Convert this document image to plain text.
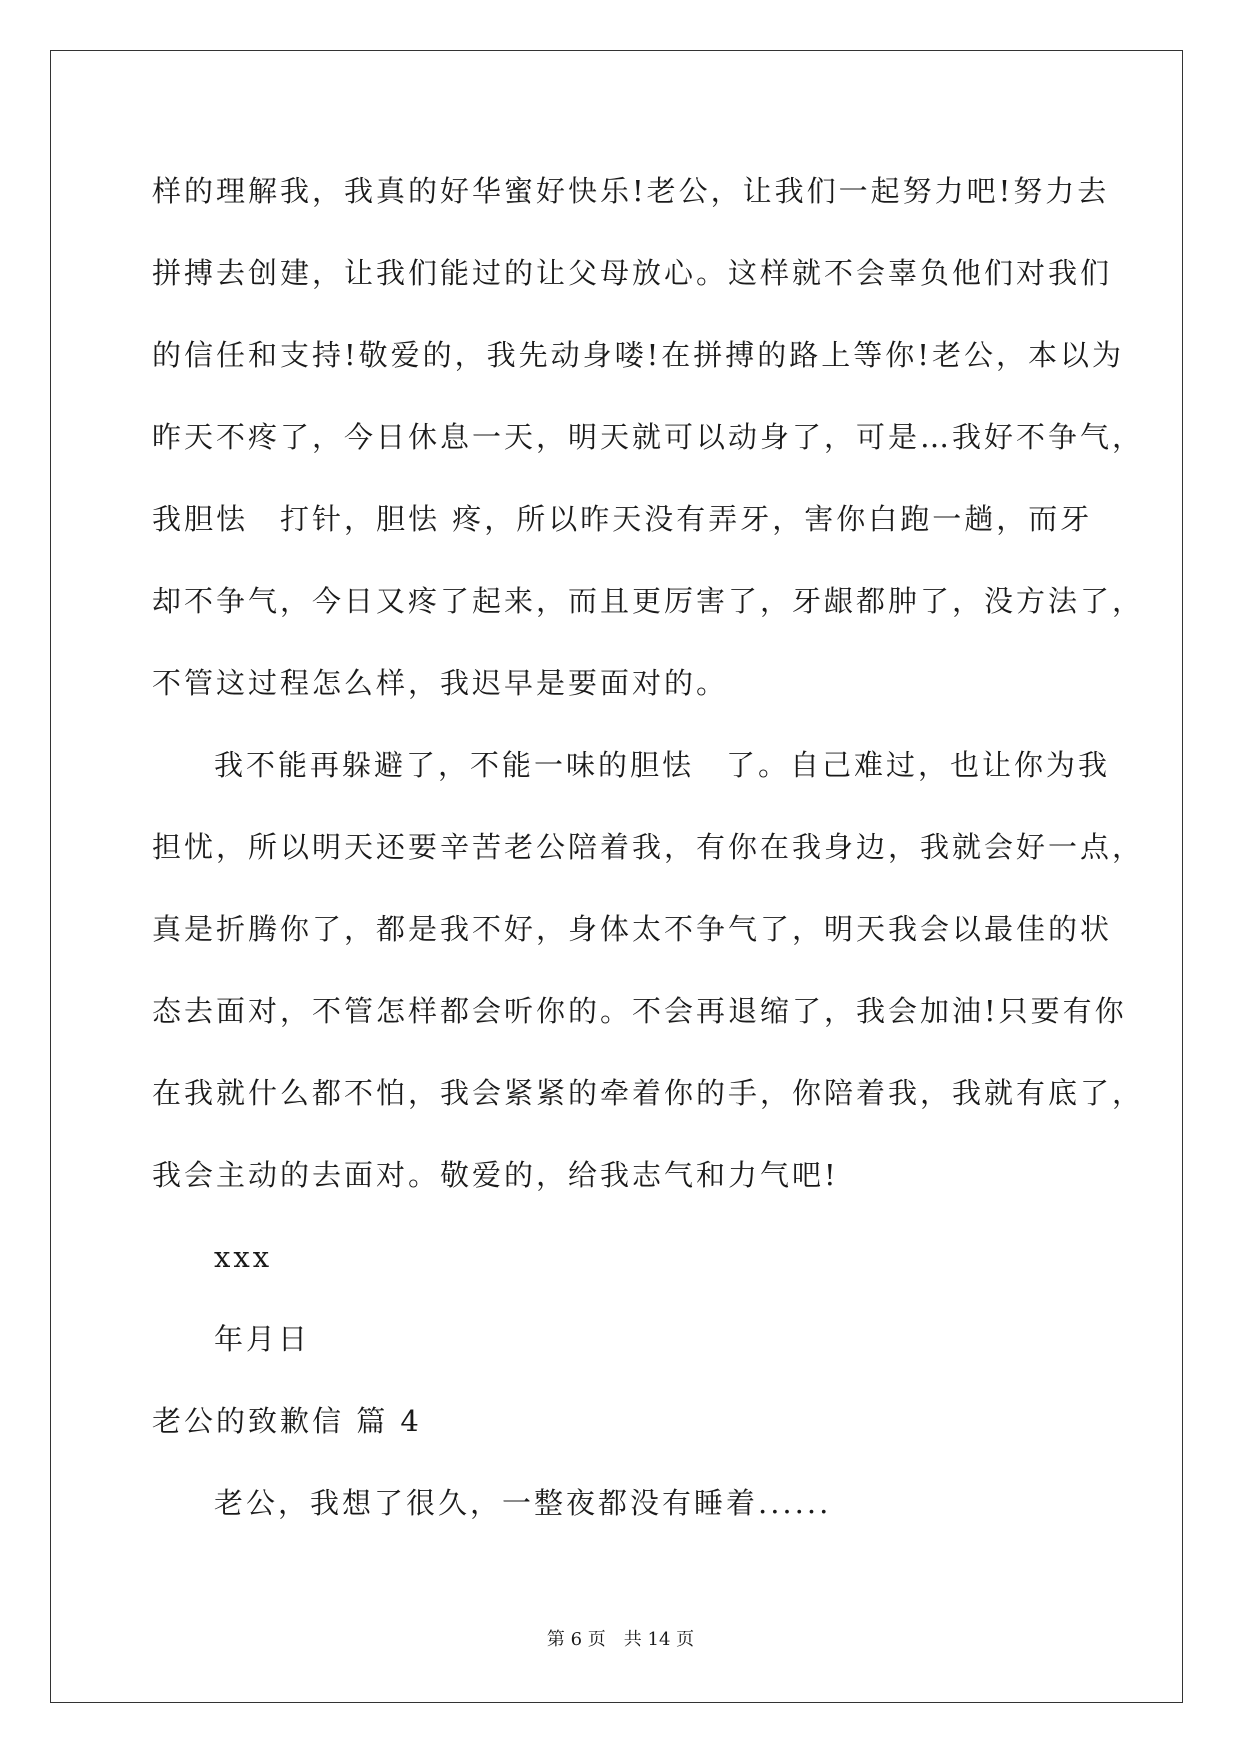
样的理解我，我真的好华蜜好快乐!老公，让我们一起努力吧!努力去
拼搏去创建，让我们能过的让父母放心。这样就不会辜负他们对我们
的信任和支持!敬爱的，我先动身喽!在拼搏的路上等你!老公，本以为
昨天不疼了，今日休息一天，明天就可以动身了，可是…我好不争气，
我胆怯　打针，胆怯 疼，所以昨天没有弄牙，害你白跑一趟，而牙
却不争气，今日又疼了起来，而且更厉害了，牙龈都肿了，没方法了，
不管这过程怎么样，我迟早是要面对的。
我不能再躲避了，不能一味的胆怯　了。自己难过，也让你为我
担忧，所以明天还要辛苦老公陪着我，有你在我身边，我就会好一点，
真是折腾你了，都是我不好，身体太不争气了，明天我会以最佳的状
态去面对，不管怎样都会听你的。不会再退缩了，我会加油!只要有你
在我就什么都不怕，我会紧紧的牵着你的手，你陪着我，我就有底了，
我会主动的去面对。敬爱的，给我志气和力气吧!
xxx
年月日
老公的致歉信 篇 4
老公，我想了很久，一整夜都没有睡着......
第 6 页　共 14 页
